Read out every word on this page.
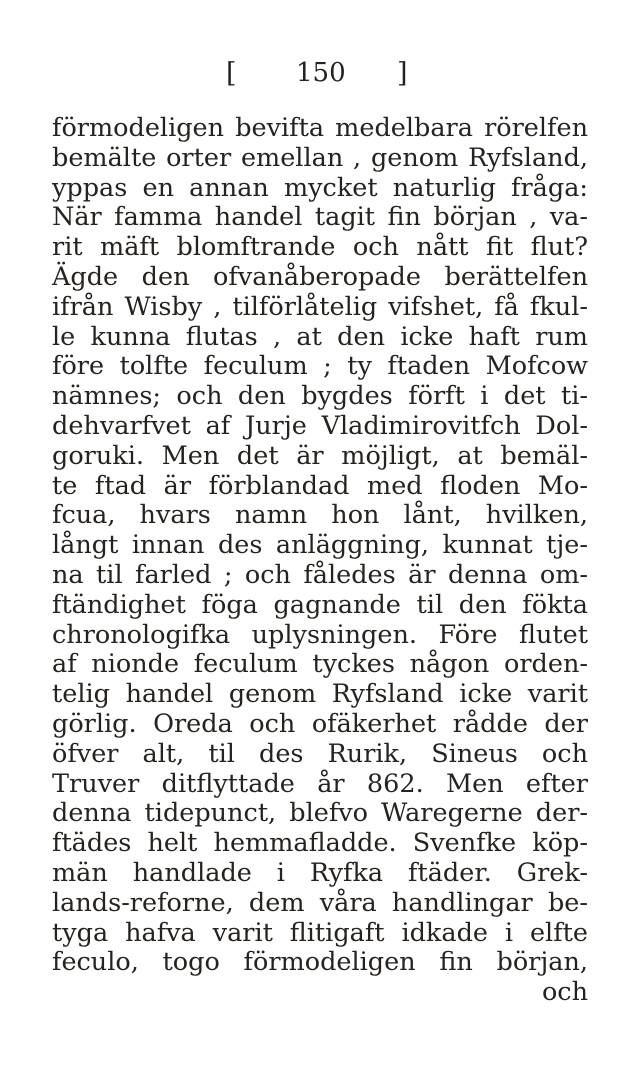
[ 150 ]
förmodeligen bevifta medelbara rörelfen
bemälte orter emellan , genom Ryfsland,
yppas en annan mycket naturlig fråga:
När famma handel tagit fin början , va-
rit mäft blomftrande och nått fit flut?
Ägde den ofvanåberopade berättelfen
ifrån Wisby , tilförlåtelig vifshet, få fkul-
le kunna flutas , at den icke haft rum
före tolfte feculum ; ty ftaden Mofcow
nämnes; och den bygdes förft i det ti-
dehvarfvet af Jurje Vladimirovitfch Dol-
goruki. Men det är möjligt, at bemäl-
te ftad är förblandad med floden Mo-
fcua, hvars namn hon lånt, hvilken,
långt innan des anläggning, kunnat tje-
na til farled ; och fåledes är denna om-
ftändighet föga gagnande til den fökta
chronologifka uplysningen. Före flutet
af nionde feculum tyckes någon orden-
telig handel genom Ryfsland icke varit
görlig. Oreda och ofäkerhet rådde der
öfver alt, til des Rurik, Sineus och
Truver ditflyttade år 862. Men efter
denna tidepunct, blefvo Waregerne der-
ftädes helt hemmafladde. Svenfke köp-
män handlade i Ryfka ftäder. Grek-
lands-reforne, dem våra handlingar be-
tyga hafva varit flitigaft idkade i elfte
feculo, togo förmodeligen fin början,
och
